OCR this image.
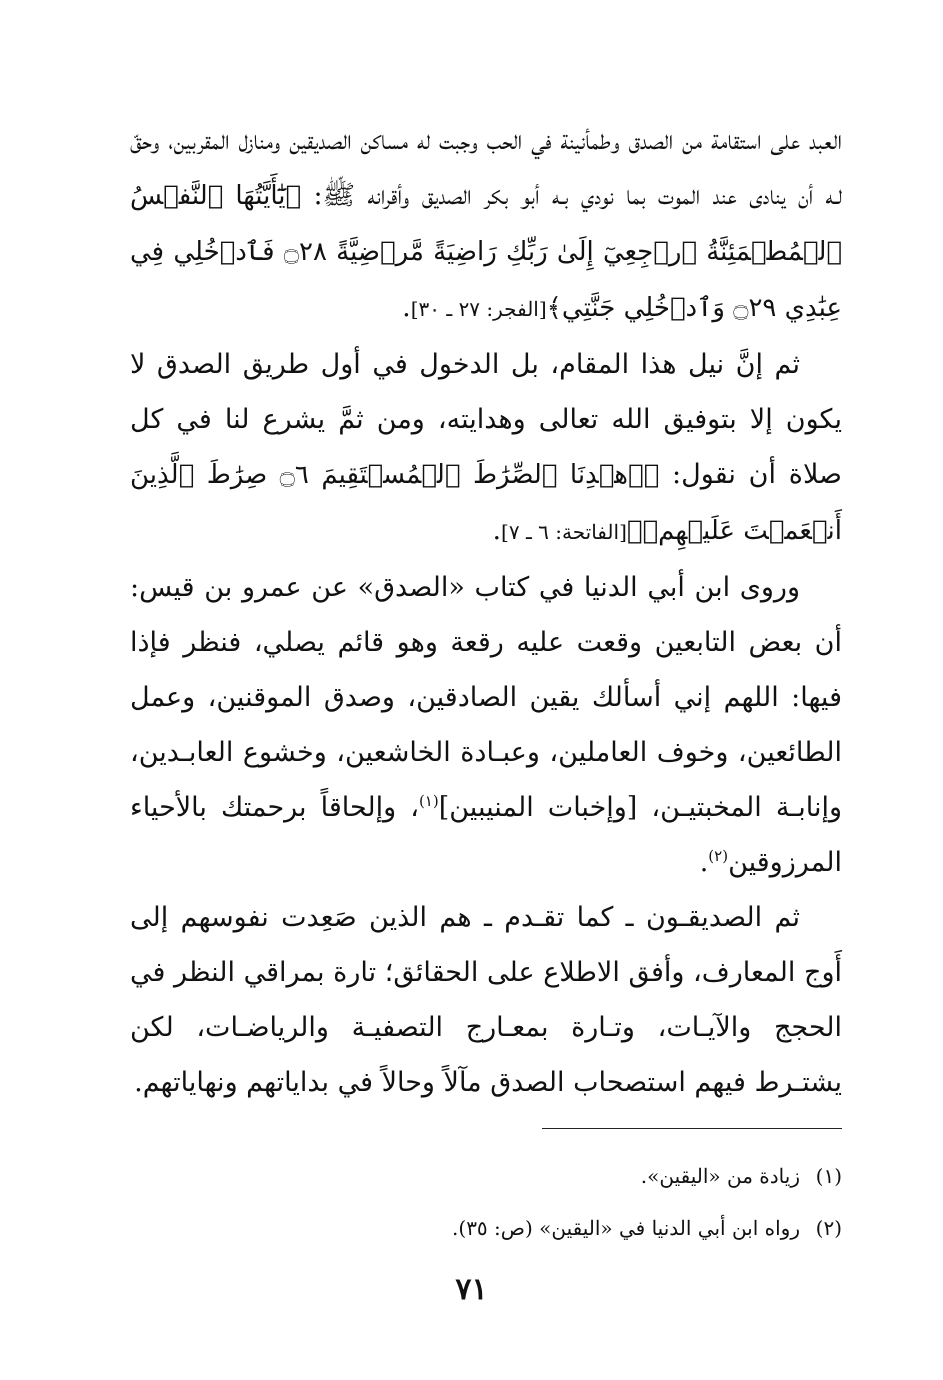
العبد على استقامة من الصدق وطمأنينة في الحب وجبت له مساكن الصديقين ومنازل المقربين، وحقّ لـه أن ينادى عند الموت بما نودي بـه أبو بكر الصديق وأقرانه ﷺ: ﴿يَٰٓأَيَّتُهَا ٱلنَّفۡسُ ٱلۡمُطۡمَئِنَّةُ ٱرۡجِعِيٓ إِلَىٰ رَبِّكِ رَاضِيَةً مَّرۡضِيَّةً ۝٢٨ فَٱدۡخُلِي فِي عِبَٰدِي ۝٢٩ وَٱدۡخُلِي جَنَّتِي﴾[الفجر: ٢٧ ـ ٣٠].

ثم إنَّ نيل هذا المقام، بل الدخول في أول طريق الصدق لا يكون إلا بتوفيق الله تعالى وهدايته، ومن ثمَّ يشرع لنا في كل صلاة أن نقول: ﴿ٱهۡدِنَا ٱلصِّرَٰطَ ٱلۡمُسۡتَقِيمَ ۝٦ صِرَٰطَ ٱلَّذِينَ أَنۡعَمۡتَ عَلَيۡهِمۡ﴾[الفاتحة: ٦ ـ ٧].

وروى ابن أبي الدنيا في كتاب «الصدق» عن عمرو بن قيس: أن بعض التابعين وقعت عليه رقعة وهو قائم يصلي، فنظر فإذا فيها: اللهم إني أسألك يقين الصادقين، وصدق الموقنين، وعمل الطائعين، وخوف العاملين، وعبـادة الخاشعين، وخشوع العابـدين، وإنابـة المخبتيـن، [وإخبات المنيبين]$^{(١)}$، وإلحاقاً برحمتك بالأحياء المرزوقين$^{(٢)}$.

ثم الصديقـون ـ كما تقـدم ـ هم الذين صَعِدت نفوسهم إلى أَوج المعارف، وأفق الاطلاع على الحقائق؛ تارة بمراقي النظر في الحجج والآيـات، وتـارة بمعـارج التصفيـة والرياضـات، لكن يشتـرط فيهم استصحاب الصدق مآلاً وحالاً في بداياتهم ونهاياتهم.

(١)زيادة من «اليقين».

(٢)رواه ابن أبي الدنيا في «اليقين» (ص: ٣٥).

٧١
